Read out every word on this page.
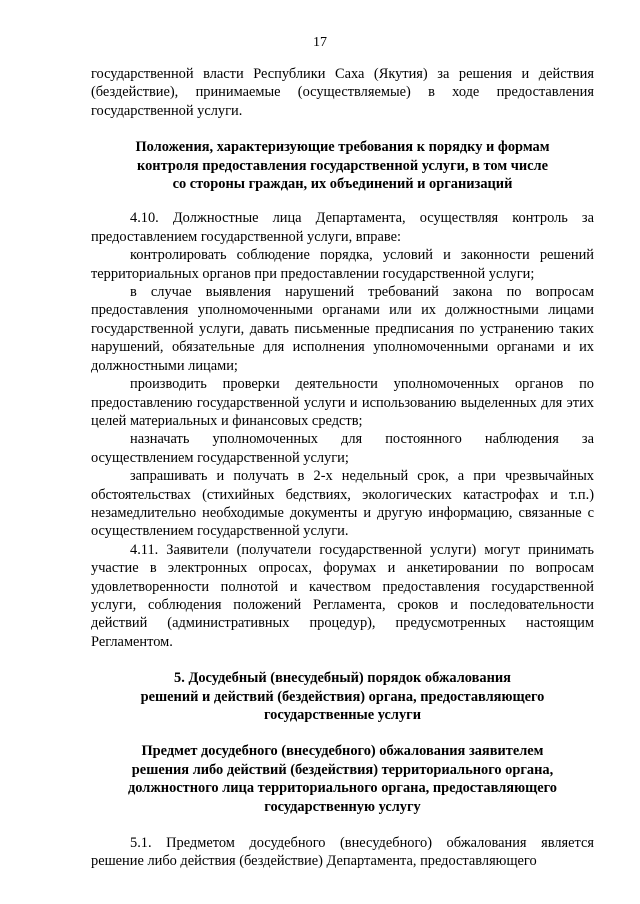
17

государственной власти Республики Саха (Якутия) за решения и действия (бездействие), принимаемые (осуществляемые) в ходе предоставления государственной услуги.

Положения, характеризующие требования к порядку и формам

контроля предоставления государственной услуги, в том числе

со стороны граждан, их объединений и организаций

4.10. Должностные лица Департамента, осуществляя контроль за предоставлением государственной услуги, вправе:

контролировать соблюдение порядка, условий и законности решений территориальных органов при предоставлении государственной услуги;

в случае выявления нарушений требований закона по вопросам предоставления уполномоченными органами или их должностными лицами государственной услуги, давать письменные предписания по устранению таких нарушений, обязательные для исполнения уполномоченными органами и их должностными лицами;

производить проверки деятельности уполномоченных органов по предоставлению государственной услуги и использованию выделенных для этих целей материальных и финансовых средств;

назначать уполномоченных для постоянного наблюдения за осуществлением государственной услуги;

запрашивать и получать в 2-х недельный срок, а при чрезвычайных обстоятельствах (стихийных бедствиях, экологических катастрофах и т.п.) незамедлительно необходимые документы и другую информацию, связанные с осуществлением государственной услуги.

4.11. Заявители (получатели государственной услуги) могут принимать участие в электронных опросах, форумах и анкетировании по вопросам удовлетворенности полнотой и качеством предоставления государственной услуги, соблюдения положений Регламента, сроков и последовательности действий (административных процедур), предусмотренных настоящим Регламентом.

5. Досудебный (внесудебный) порядок обжалования

решений и действий (бездействия) органа, предоставляющего

государственные услуги

Предмет досудебного (внесудебного) обжалования заявителем

решения либо действий (бездействия) территориального органа,

должностного лица территориального органа, предоставляющего

государственную услугу

5.1. Предметом досудебного (внесудебного) обжалования является решение либо действия (бездействие) Департамента, предоставляющего
